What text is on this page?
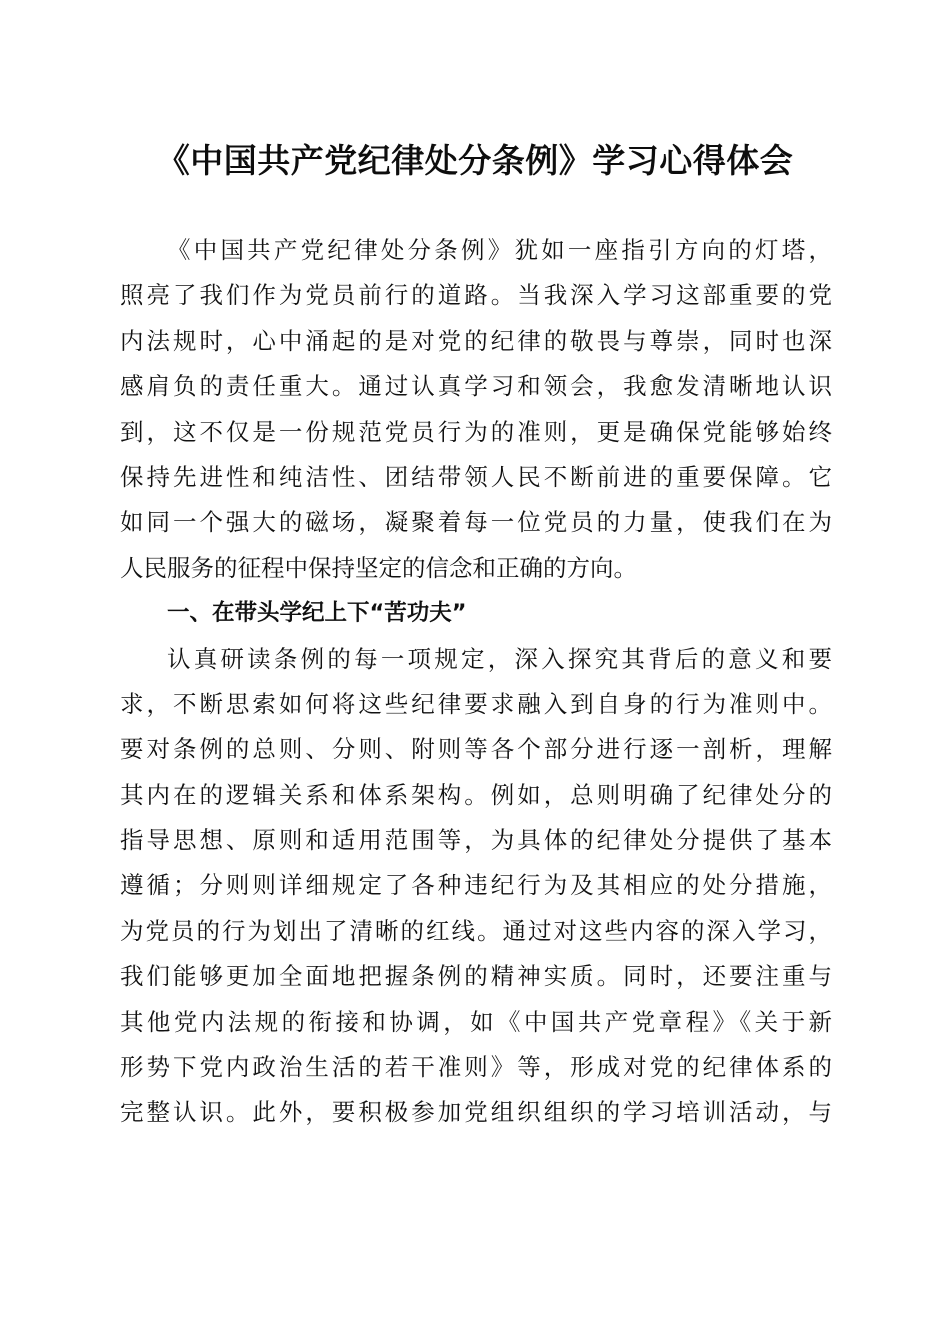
《中国共产党纪律处分条例》学习心得体会
《中国共产党纪律处分条例》犹如一座指引方向的灯塔，
照亮了我们作为党员前行的道路。当我深入学习这部重要的党
内法规时，心中涌起的是对党的纪律的敬畏与尊崇，同时也深
感肩负的责任重大。通过认真学习和领会，我愈发清晰地认识
到，这不仅是一份规范党员行为的准则，更是确保党能够始终
保持先进性和纯洁性、团结带领人民不断前进的重要保障。它
如同一个强大的磁场，凝聚着每一位党员的力量，使我们在为
人民服务的征程中保持坚定的信念和正确的方向。
一、在带头学纪上下“苦功夫”
认真研读条例的每一项规定，深入探究其背后的意义和要
求，不断思索如何将这些纪律要求融入到自身的行为准则中。
要对条例的总则、分则、附则等各个部分进行逐一剖析，理解
其内在的逻辑关系和体系架构。例如，总则明确了纪律处分的
指导思想、原则和适用范围等，为具体的纪律处分提供了基本
遵循；分则则详细规定了各种违纪行为及其相应的处分措施，
为党员的行为划出了清晰的红线。通过对这些内容的深入学习，
我们能够更加全面地把握条例的精神实质。同时，还要注重与
其他党内法规的衔接和协调，如《中国共产党章程》《关于新
形势下党内政治生活的若干准则》等，形成对党的纪律体系的
完整认识。此外，要积极参加党组织组织的学习培训活动，与
